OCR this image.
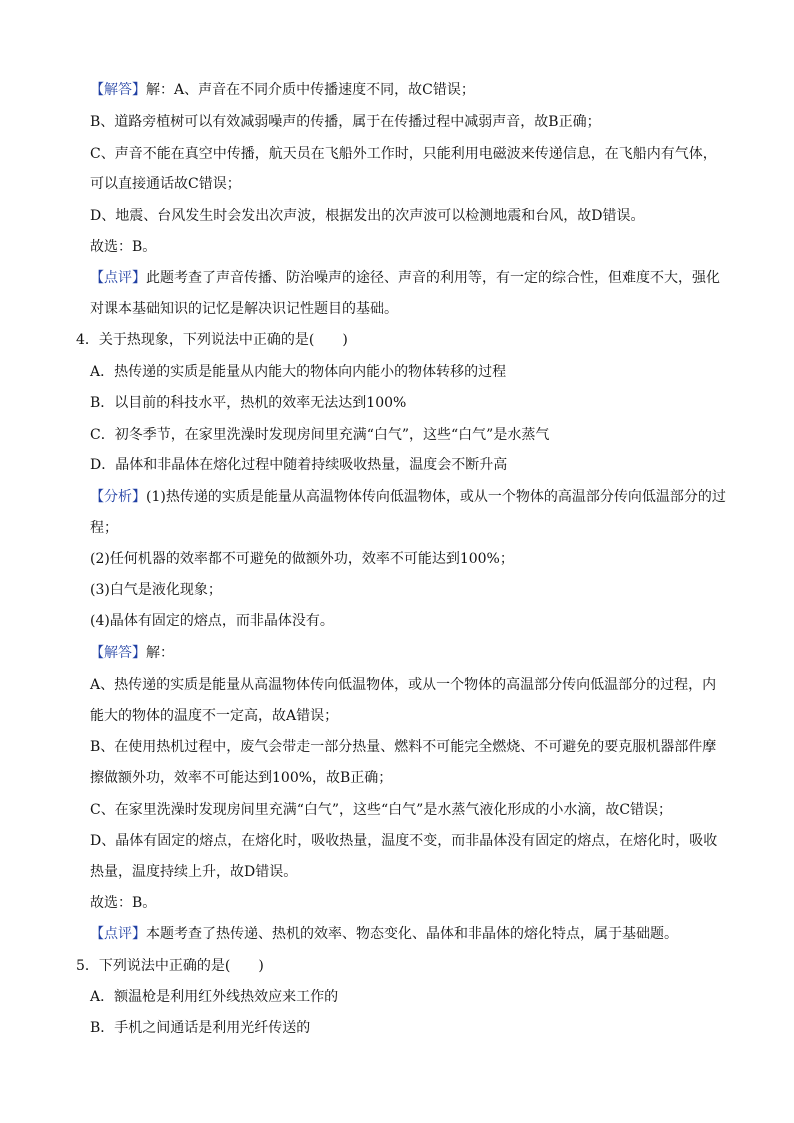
【解答】解：A、声音在不同介质中传播速度不同，故C错误；
B、道路旁植树可以有效减弱噪声的传播，属于在传播过程中减弱声音，故B正确；
C、声音不能在真空中传播，航天员在飞船外工作时，只能利用电磁波来传递信息，在飞船内有气体，
可以直接通话故C错误；
D、地震、台风发生时会发出次声波，根据发出的次声波可以检测地震和台风，故D错误。
故选：B。
【点评】此题考查了声音传播、防治噪声的途径、声音的利用等，有一定的综合性，但难度不大，强化
对课本基础知识的记忆是解决识记性题目的基础。
4．关于热现象，下列说法中正确的是(　　)
A．热传递的实质是能量从内能大的物体向内能小的物体转移的过程
B．以目前的科技水平，热机的效率无法达到100%
C．初冬季节，在家里洗澡时发现房间里充满“白气”，这些“白气”是水蒸气
D．晶体和非晶体在熔化过程中随着持续吸收热量，温度会不断升高
【分析】(1)热传递的实质是能量从高温物体传向低温物体，或从一个物体的高温部分传向低温部分的过
程；
(2)任何机器的效率都不可避免的做额外功，效率不可能达到100%；
(3)白气是液化现象；
(4)晶体有固定的熔点，而非晶体没有。
【解答】解：
A、热传递的实质是能量从高温物体传向低温物体，或从一个物体的高温部分传向低温部分的过程，内
能大的物体的温度不一定高，故A错误；
B、在使用热机过程中，废气会带走一部分热量、燃料不可能完全燃烧、不可避免的要克服机器部件摩
擦做额外功，效率不可能达到100%，故B正确；
C、在家里洗澡时发现房间里充满“白气”，这些“白气”是水蒸气液化形成的小水滴，故C错误；
D、晶体有固定的熔点，在熔化时，吸收热量，温度不变，而非晶体没有固定的熔点，在熔化时，吸收
热量，温度持续上升，故D错误。
故选：B。
【点评】本题考查了热传递、热机的效率、物态变化、晶体和非晶体的熔化特点，属于基础题。
5．下列说法中正确的是(　　)
A．额温枪是利用红外线热效应来工作的
B．手机之间通话是利用光纤传送的
